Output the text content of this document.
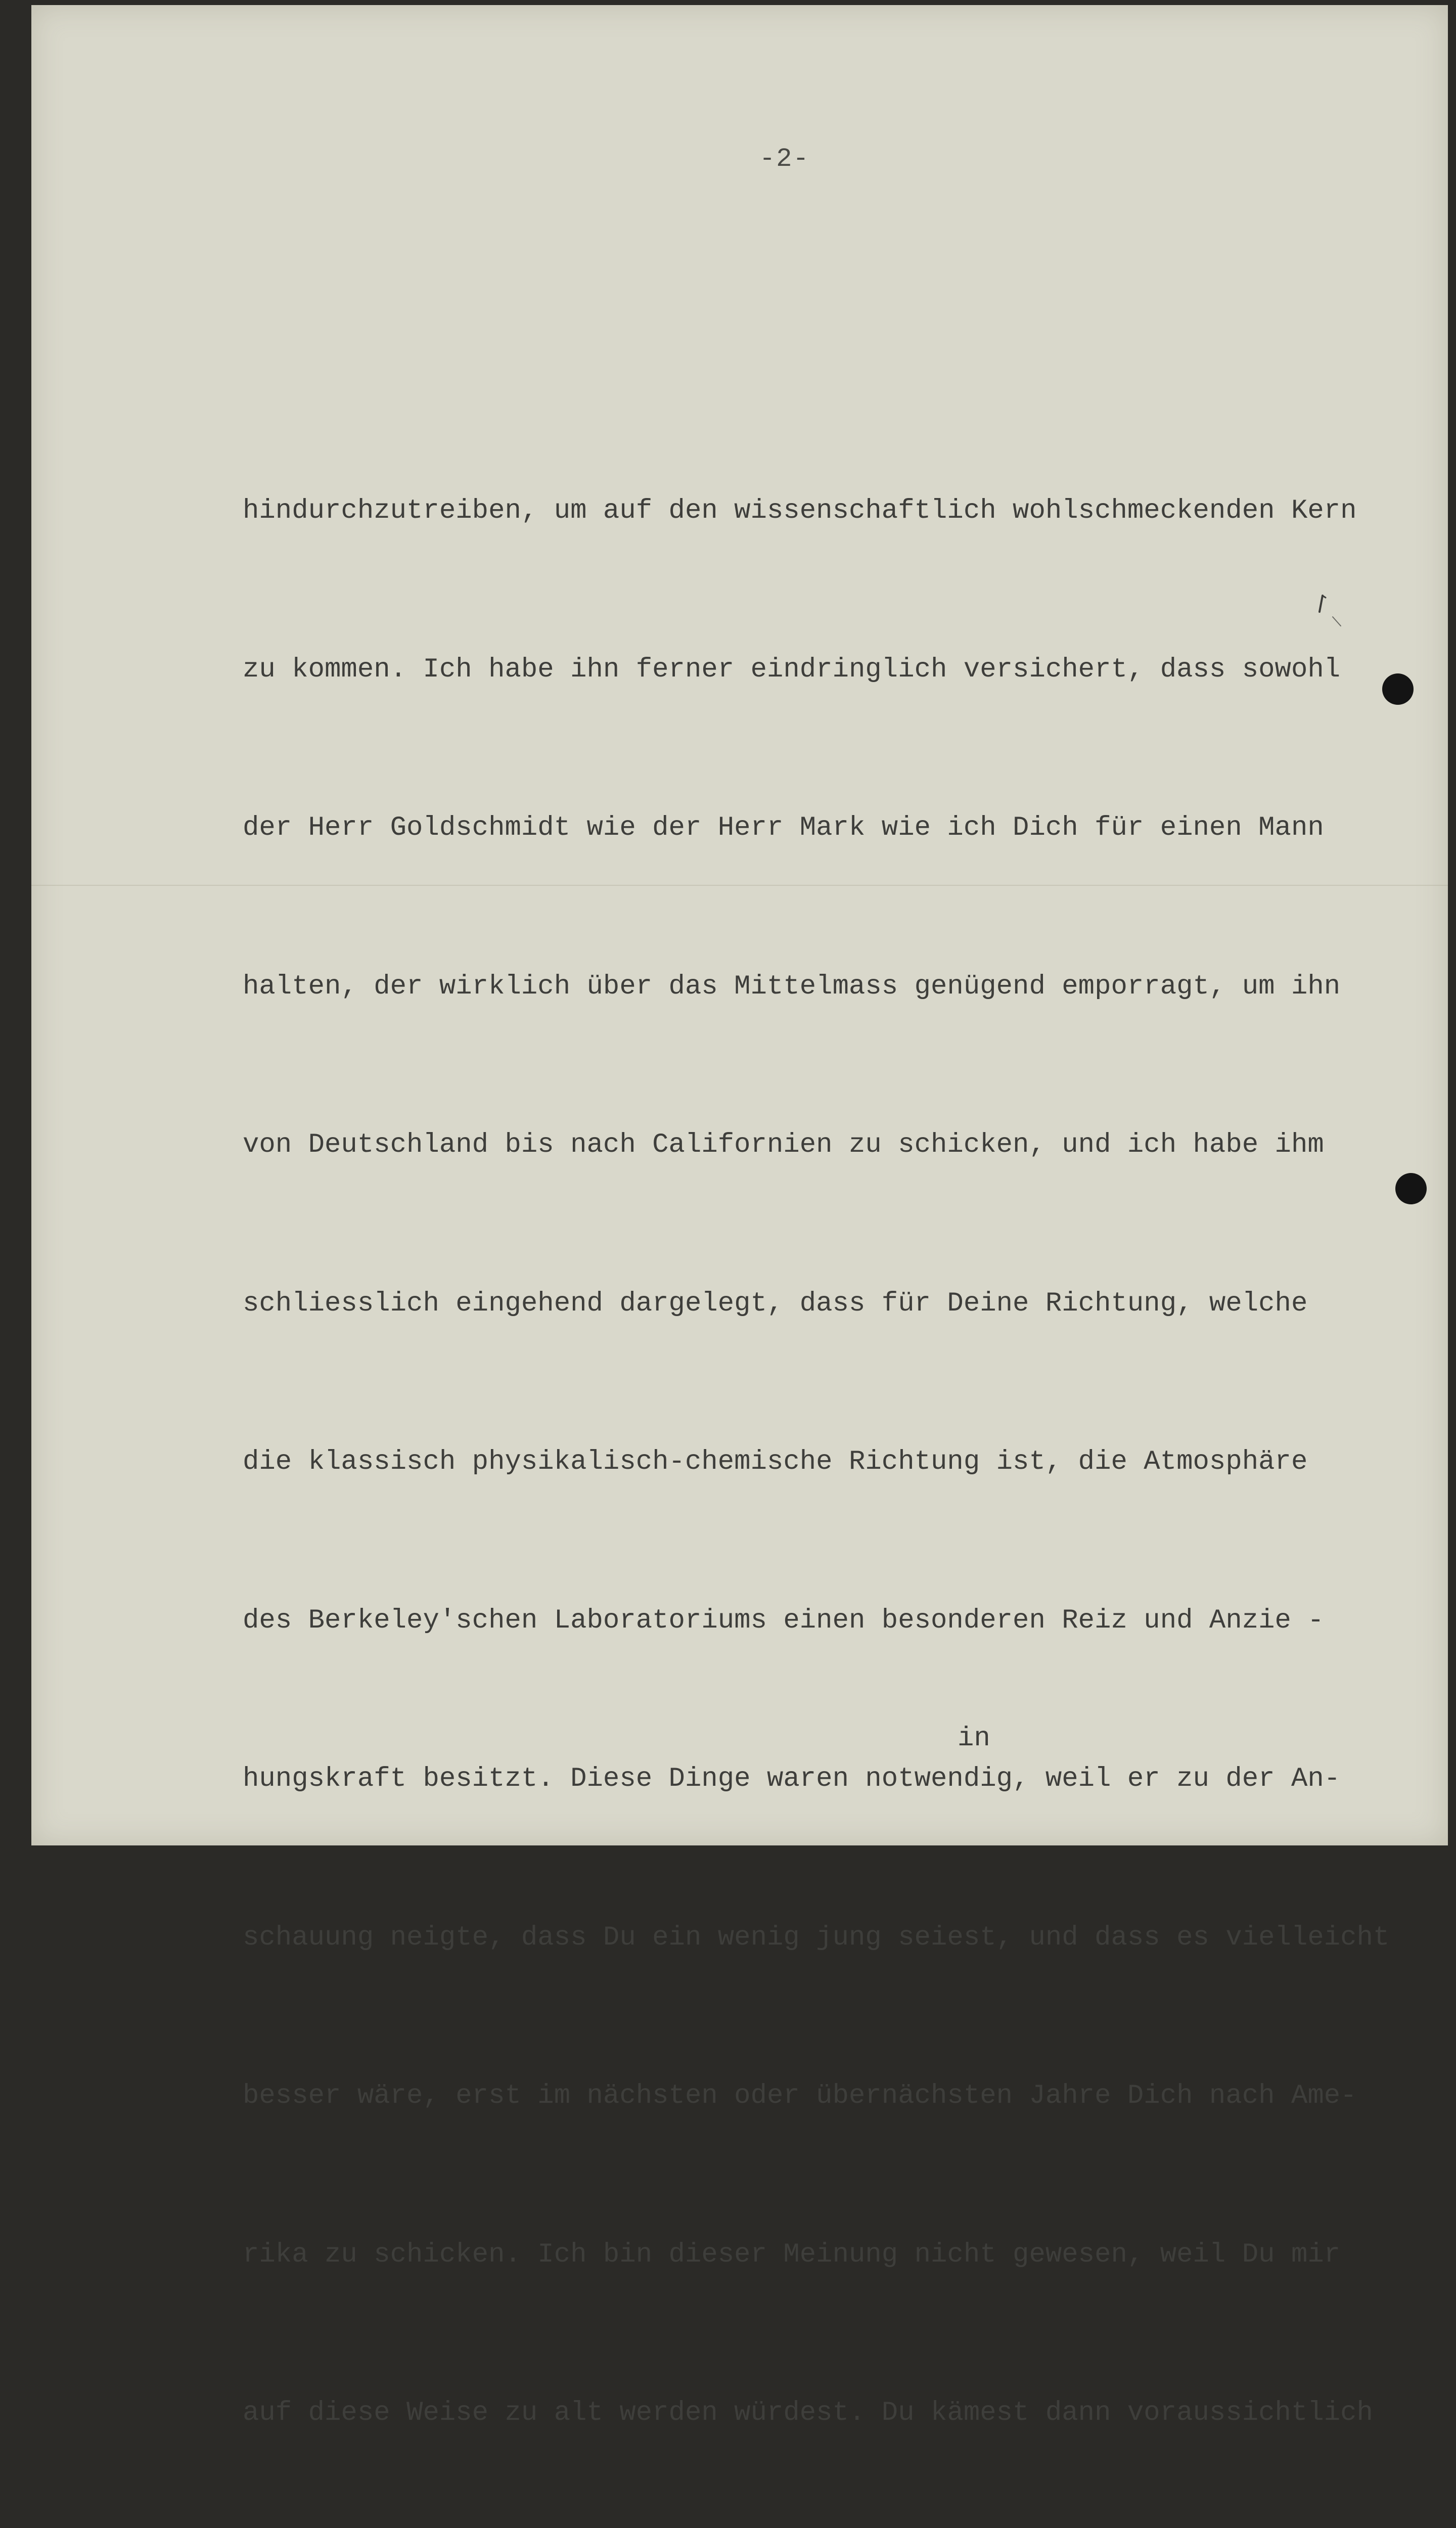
-2-

hindurchzutreiben, um auf den wissenschaftlich wohlschmeckenden Kern

zu kommen. Ich habe ihn ferner eindringlich versichert, dass sowohl

der Herr Goldschmidt wie der Herr Mark wie ich Dich für einen Mann

halten, der wirklich über das Mittelmass genügend emporragt, um ihn

von Deutschland bis nach Californien zu schicken, und ich habe ihm

schliesslich eingehend dargelegt, dass für Deine Richtung, welche

die klassisch physikalisch-chemische Richtung ist, die Atmosphäre

des Berkeley'schen Laboratoriums einen besonderen Reiz und Anzie -

hungskraft besitzt. Diese Dinge waren notwendig, weil er zu der An-

schauung neigte, dass Du ein wenig jung seiest, und dass es vielleicht

besser wäre, erst im nächsten oder übernächsten Jahre Dich nach Ame-

rika zu schicken. Ich bin dieser Meinung nicht gewesen, weil Du mir

auf diese Weise zu alt werden würdest. Du kämest dann voraussichtlich

in
